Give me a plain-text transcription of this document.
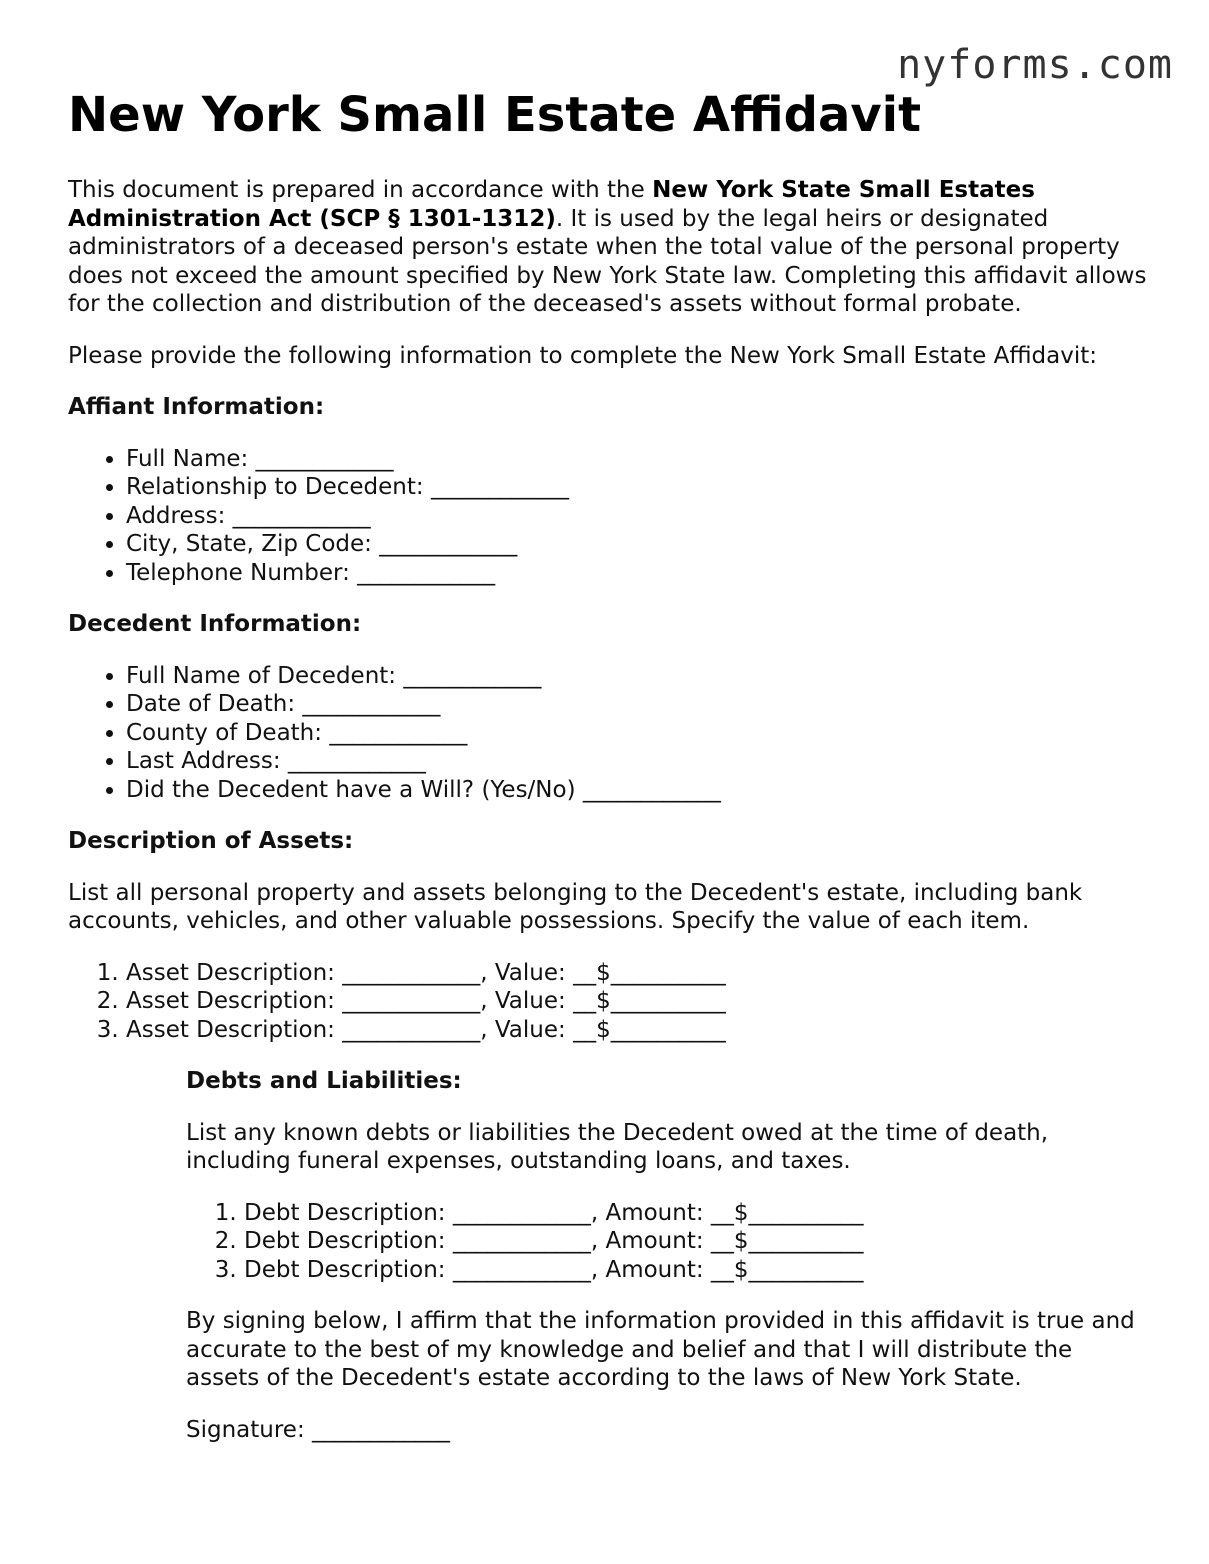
nyforms.com
New York Small Estate Affidavit

This document is prepared in accordance with the New York State Small Estates Administration Act (SCP § 1301-1312). It is used by the legal heirs or designated administrators of a deceased person's estate when the total value of the personal property does not exceed the amount specified by New York State law. Completing this affidavit allows for the collection and distribution of the deceased's assets without formal probate.

Please provide the following information to complete the New York Small Estate Affidavit:

Affiant Information:

• Full Name: ____________
• Relationship to Decedent: ____________
• Address: ____________
• City, State, Zip Code: ____________
• Telephone Number: ____________

Decedent Information:

• Full Name of Decedent: ____________
• Date of Death: ____________
• County of Death: ____________
• Last Address: ____________
• Did the Decedent have a Will? (Yes/No) ____________

Description of Assets:

List all personal property and assets belonging to the Decedent's estate, including bank accounts, vehicles, and other valuable possessions. Specify the value of each item.

1. Asset Description: ____________, Value: __$__________
2. Asset Description: ____________, Value: __$__________
3. Asset Description: ____________, Value: __$__________

Debts and Liabilities:

List any known debts or liabilities the Decedent owed at the time of death, including funeral expenses, outstanding loans, and taxes.

1. Debt Description: ____________, Amount: __$__________
2. Debt Description: ____________, Amount: __$__________
3. Debt Description: ____________, Amount: __$__________

By signing below, I affirm that the information provided in this affidavit is true and accurate to the best of my knowledge and belief and that I will distribute the assets of the Decedent's estate according to the laws of New York State.

Signature: ____________
